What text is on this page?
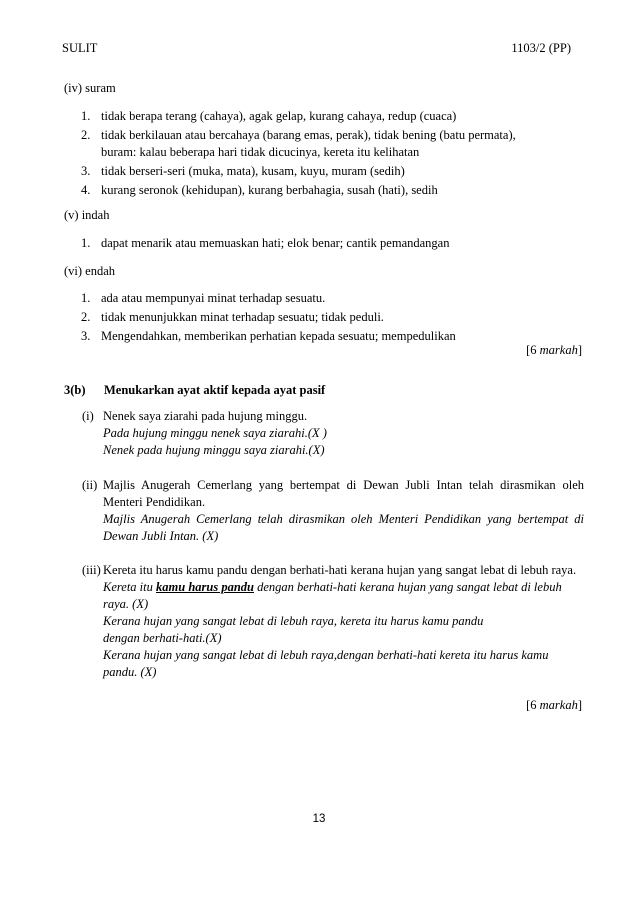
SULIT	1103/2 (PP)
(iv) suram
1. tidak berapa terang (cahaya), agak gelap, kurang cahaya, redup (cuaca)
2. tidak berkilauan atau bercahaya (barang emas, perak), tidak bening (batu permata),
buram: kalau beberapa hari tidak dicucinya, kereta itu kelihatan
3. tidak berseri-seri (muka, mata), kusam, kuyu, muram (sedih)
4. kurang seronok (kehidupan), kurang berbahagia, susah (hati), sedih
(v) indah
1. dapat menarik atau memuaskan hati; elok benar; cantik pemandangan
(vi) endah
1. ada atau mempunyai minat terhadap sesuatu.
2. tidak menunjukkan minat terhadap sesuatu; tidak peduli.
3. Mengendahkan, memberikan perhatian kepada sesuatu; mempedulikan
[6 markah]
3(b) Menukarkan ayat aktif kepada ayat pasif
(i) Nenek saya ziarahi pada hujung minggu.
Pada hujung minggu nenek saya ziarahi.(X )
Nenek pada hujung minggu saya ziarahi.(X)
(ii) Majlis Anugerah Cemerlang yang bertempat di Dewan Jubli Intan telah dirasmikan oleh Menteri Pendidikan.
Majlis Anugerah Cemerlang telah dirasmikan oleh Menteri Pendidikan yang bertempat di Dewan Jubli Intan. (X)
(iii) Kereta itu harus kamu pandu dengan berhati-hati kerana hujan yang sangat lebat di lebuh raya.
Kereta itu kamu harus pandu dengan berhati-hati kerana hujan yang sangat lebat di lebuh
raya. (X)
Kerana hujan yang sangat lebat di lebuh raya, kereta itu harus kamu pandu
dengan berhati-hati.(X)
Kerana hujan yang sangat lebat di lebuh raya,dengan berhati-hati kereta itu harus kamu
pandu. (X)
[6 markah]
13
